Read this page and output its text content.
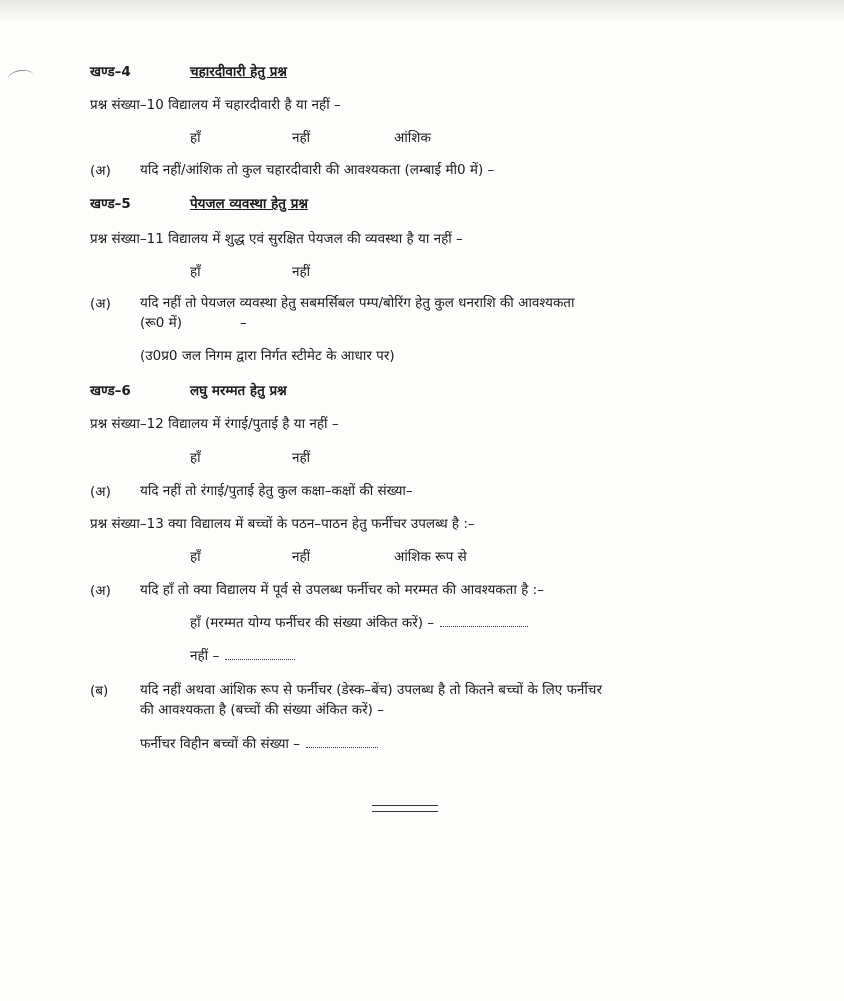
खण्ड–4	चहारदीवारी हेतु प्रश्न
प्रश्न संख्या–10 विद्यालय में चहारदीवारी है या नहीं –
हाँ	नहीं	आंशिक
(अ) यदि नहीं/आंशिक तो कुल चहारदीवारी की आवश्यकता (लम्बाई मी0 में) –
खण्ड–5	पेयजल व्यवस्था हेतु प्रश्न
प्रश्न संख्या–11 विद्यालय में शुद्ध एवं सुरक्षित पेयजल की व्यवस्था है या नहीं –
हाँ	नहीं
(अ) यदि नहीं तो पेयजल व्यवस्था हेतु सबमर्सिबल पम्प/बोरिंग हेतु कुल धनराशि की आवश्यकता
(रू0 में)	–
(उ0प्र0 जल निगम द्वारा निर्गत स्टीमेट के आधार पर)
खण्ड–6	लघु मरम्मत हेतु प्रश्न
प्रश्न संख्या–12 विद्यालय में रंगाई/पुताई है या नहीं –
हाँ	नहीं
(अ) यदि नहीं तो रंगाई/पुताई हेतु कुल कक्षा–कक्षों की संख्या–
प्रश्न संख्या–13 क्या विद्यालय में बच्चों के पठन–पाठन हेतु फर्नीचर उपलब्ध है :–
हाँ	नहीं	आंशिक रूप से
(अ) यदि हाँ तो क्या विद्यालय में पूर्व से उपलब्ध फर्नीचर को मरम्मत की आवश्यकता है :–
हाँ (मरम्मत योग्य फर्नीचर की संख्या अंकित करें) –
नहीं –
(ब) यदि नहीं अथवा आंशिक रूप से फर्नीचर (डेस्क–बेंच) उपलब्ध है तो कितने बच्चों के लिए फर्नीचर
की आवश्यकता है (बच्चों की संख्या अंकित करें) –
फर्नीचर विहीन बच्चों की संख्या –
